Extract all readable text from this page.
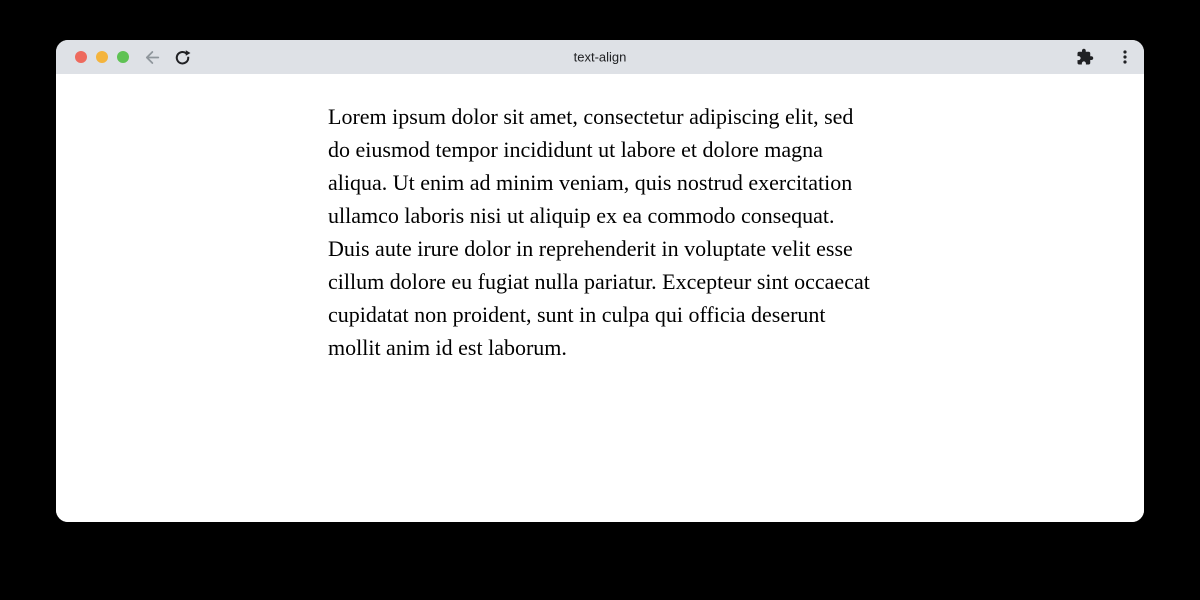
text-align

Lorem ipsum dolor sit amet, consectetur adipiscing elit, sed do eiusmod tempor incididunt ut labore et dolore magna aliqua. Ut enim ad minim veniam, quis nostrud exercitation ullamco laboris nisi ut aliquip ex ea commodo consequat. Duis aute irure dolor in reprehenderit in voluptate velit esse cillum dolore eu fugiat nulla pariatur. Excepteur sint occaecat cupidatat non proident, sunt in culpa qui officia deserunt mollit anim id est laborum.
